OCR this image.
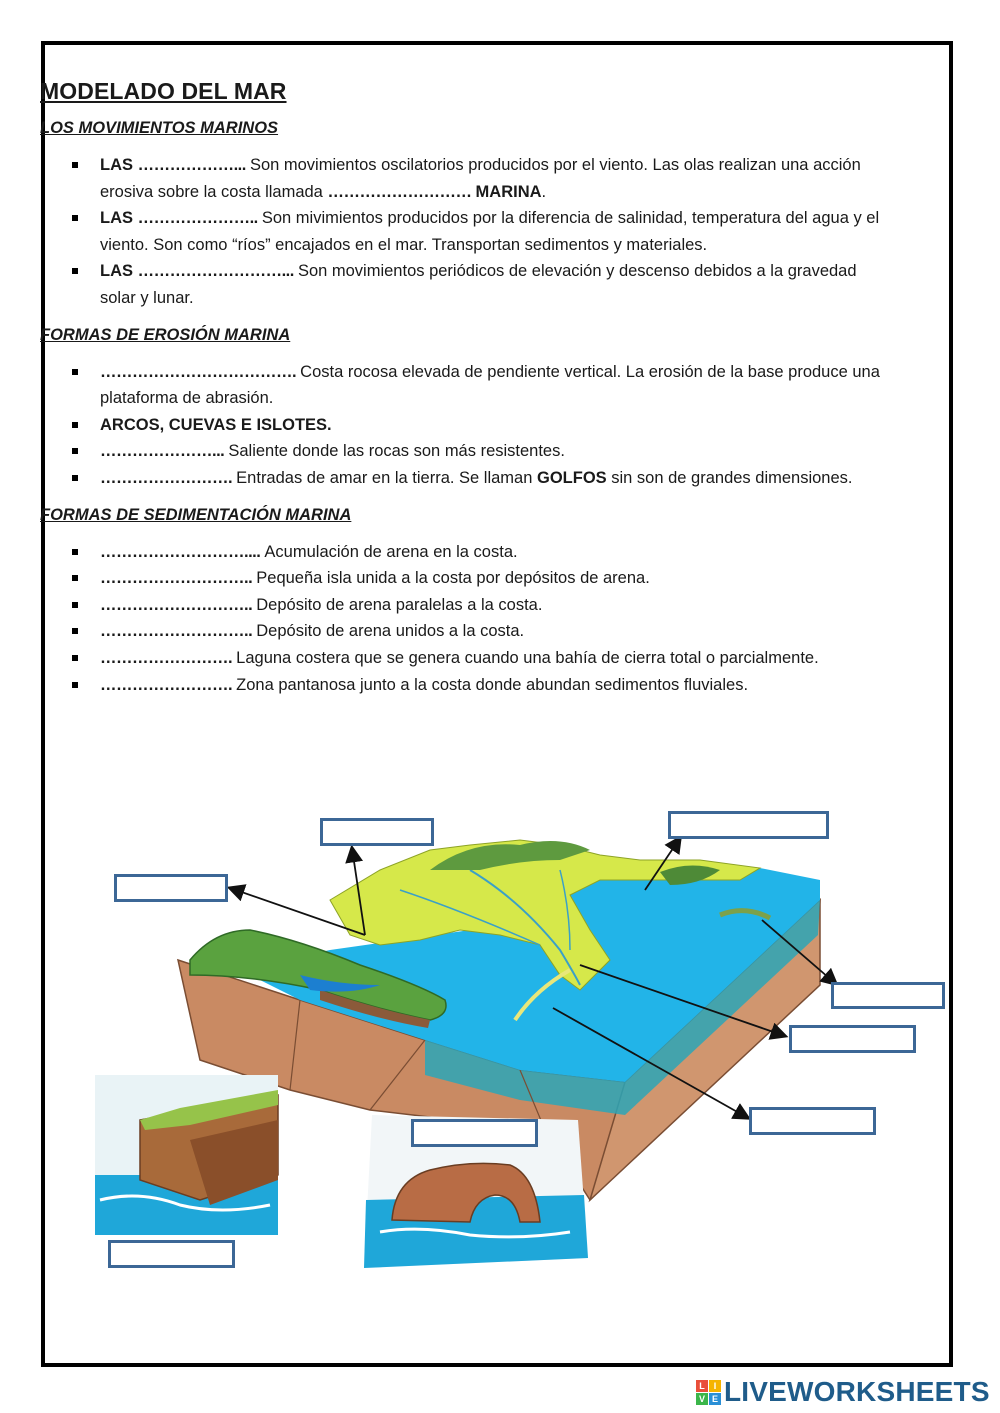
MODELADO DEL MAR
LOS MOVIMIENTOS MARINOS
LAS ………………... Son movimientos oscilatorios producidos por el viento. Las olas realizan una acción erosiva sobre la costa llamada ……………………… MARINA.
LAS ………………….. Son mivimientos producidos por la diferencia de salinidad, temperatura del agua y el viento. Son como “ríos” encajados en el mar. Transportan sedimentos y materiales.
LAS ………………………... Son movimientos periódicos de elevación y descenso debidos a la gravedad solar y lunar.
FORMAS DE EROSIÓN MARINA
………………………………. Costa rocosa elevada de pendiente vertical. La erosión de la base produce una plataforma de abrasión.
ARCOS, CUEVAS E ISLOTES.
…………………... Saliente donde las rocas son más resistentes.
……………………. Entradas de amar en la tierra. Se llaman GOLFOS sin son de grandes dimensiones.
FORMAS DE SEDIMENTACIÓN MARINA
……………………….... Acumulación de arena en la costa.
……………………….. Pequeña isla unida a la costa por depósitos de arena.
……………………….. Depósito de arena paralelas a la costa.
……………………….. Depósito de arena unidos a la costa.
……………………. Laguna costera que se genera cuando una bahía de cierra total o parcialmente.
……………………. Zona pantanosa junto a la costa donde abundan sedimentos fluviales.
L I
V E LIVEWORKSHEETS
